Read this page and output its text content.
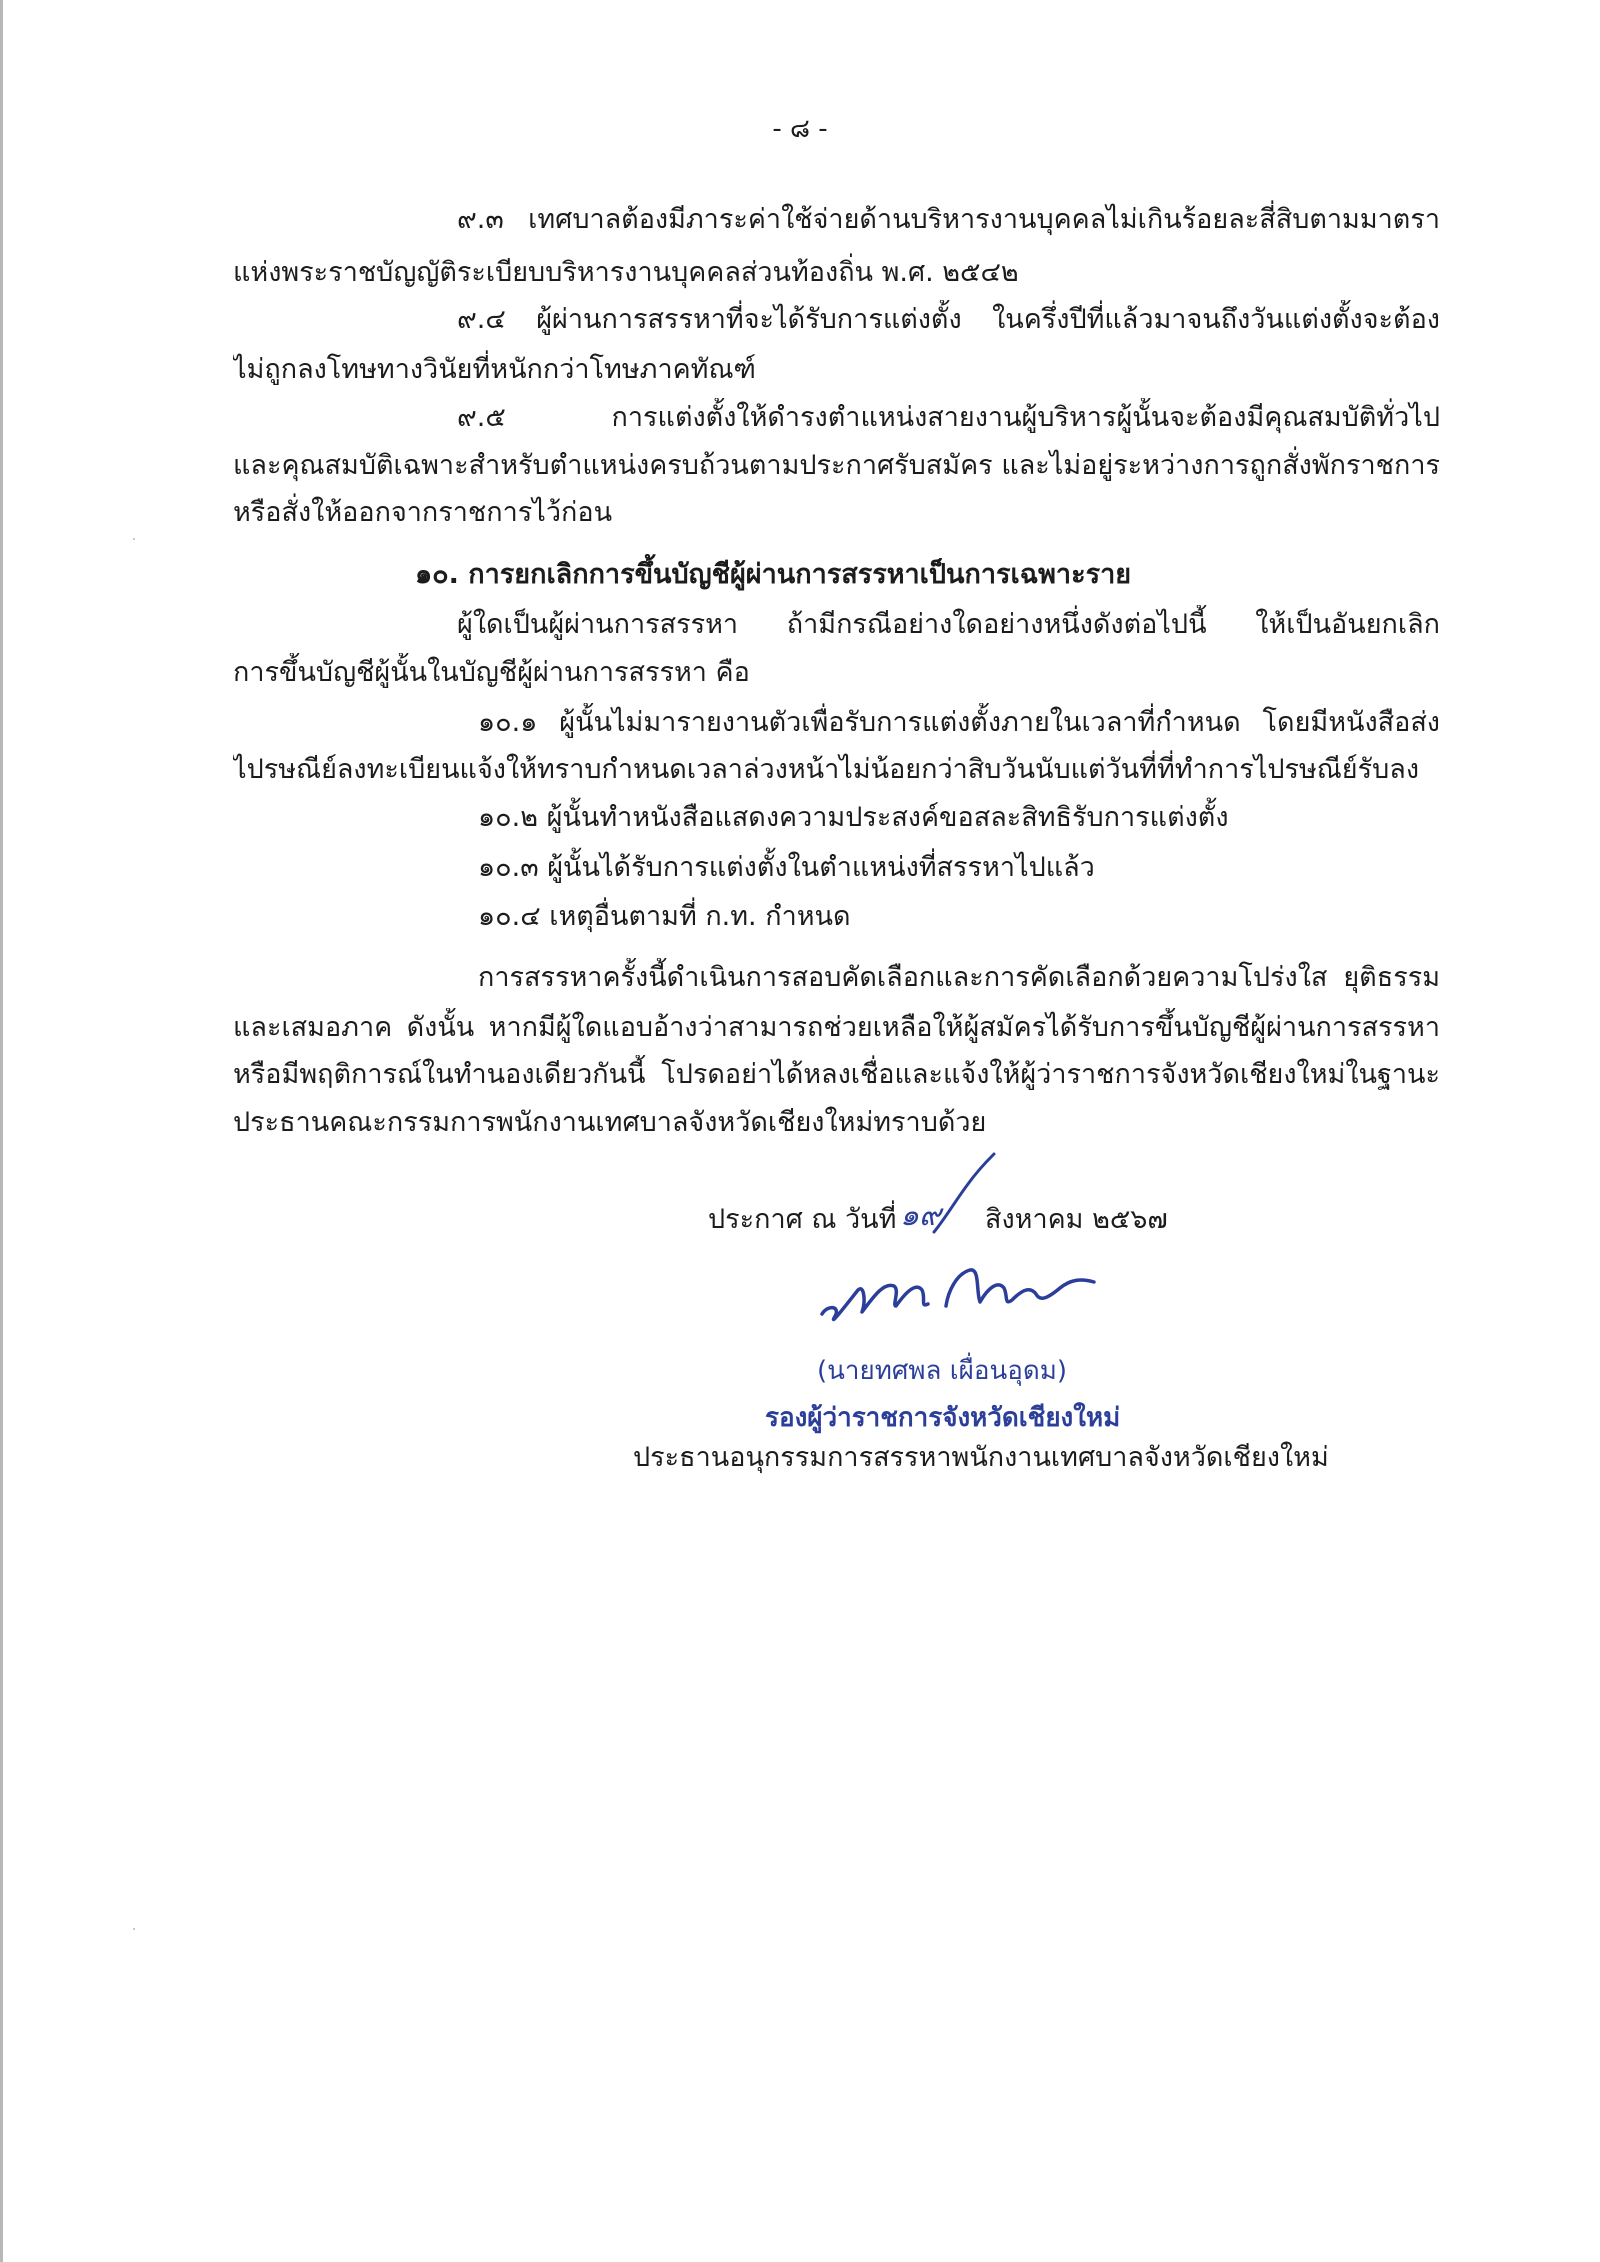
- ๘ -
๙.๓ เทศบาลต้องมีภาระค่าใช้จ่ายด้านบริหารงานบุคคลไม่เกินร้อยละสี่สิบตามมาตรา
แห่งพระราชบัญญัติระเบียบบริหารงานบุคคลส่วนท้องถิ่น พ.ศ. ๒๕๔๒
๙.๔ ผู้ผ่านการสรรหาที่จะได้รับการแต่งตั้ง ในครึ่งปีที่แล้วมาจนถึงวันแต่งตั้งจะต้อง
ไม่ถูกลงโทษทางวินัยที่หนักกว่าโทษภาคทัณฑ์
๙.๕ การแต่งตั้งให้ดำรงตำแหน่งสายงานผู้บริหารผู้นั้นจะต้องมีคุณสมบัติทั่วไป
และคุณสมบัติเฉพาะสำหรับตำแหน่งครบถ้วนตามประกาศรับสมัคร และไม่อยู่ระหว่างการถูกสั่งพักราชการ
หรือสั่งให้ออกจากราชการไว้ก่อน
๑๐. การยกเลิกการขึ้นบัญชีผู้ผ่านการสรรหาเป็นการเฉพาะราย
ผู้ใดเป็นผู้ผ่านการสรรหา ถ้ามีกรณีอย่างใดอย่างหนึ่งดังต่อไปนี้ ให้เป็นอันยกเลิก
การขึ้นบัญชีผู้นั้นในบัญชีผู้ผ่านการสรรหา คือ
๑๐.๑ ผู้นั้นไม่มารายงานตัวเพื่อรับการแต่งตั้งภายในเวลาที่กำหนด โดยมีหนังสือส่ง
ไปรษณีย์ลงทะเบียนแจ้งให้ทราบกำหนดเวลาล่วงหน้าไม่น้อยกว่าสิบวันนับแต่วันที่ที่ทำการไปรษณีย์รับลง
๑๐.๒ ผู้นั้นทำหนังสือแสดงความประสงค์ขอสละสิทธิรับการแต่งตั้ง
๑๐.๓ ผู้นั้นได้รับการแต่งตั้งในตำแหน่งที่สรรหาไปแล้ว
๑๐.๔ เหตุอื่นตามที่ ก.ท. กำหนด
การสรรหาครั้งนี้ดำเนินการสอบคัดเลือกและการคัดเลือกด้วยความโปร่งใส ยุติธรรม
และเสมอภาค ดังนั้น หากมีผู้ใดแอบอ้างว่าสามารถช่วยเหลือให้ผู้สมัครได้รับการขึ้นบัญชีผู้ผ่านการสรรหา
หรือมีพฤติการณ์ในทำนองเดียวกันนี้ โปรดอย่าได้หลงเชื่อและแจ้งให้ผู้ว่าราชการจังหวัดเชียงใหม่ในฐานะ
ประธานคณะกรรมการพนักงานเทศบาลจังหวัดเชียงใหม่ทราบด้วย
ประกาศ ณ วันที่ ๑๙ สิงหาคม ๒๕๖๗
(นายทศพล เผื่อนอุดม)
รองผู้ว่าราชการจังหวัดเชียงใหม่
ประธานอนุกรรมการสรรหาพนักงานเทศบาลจังหวัดเชียงใหม่
